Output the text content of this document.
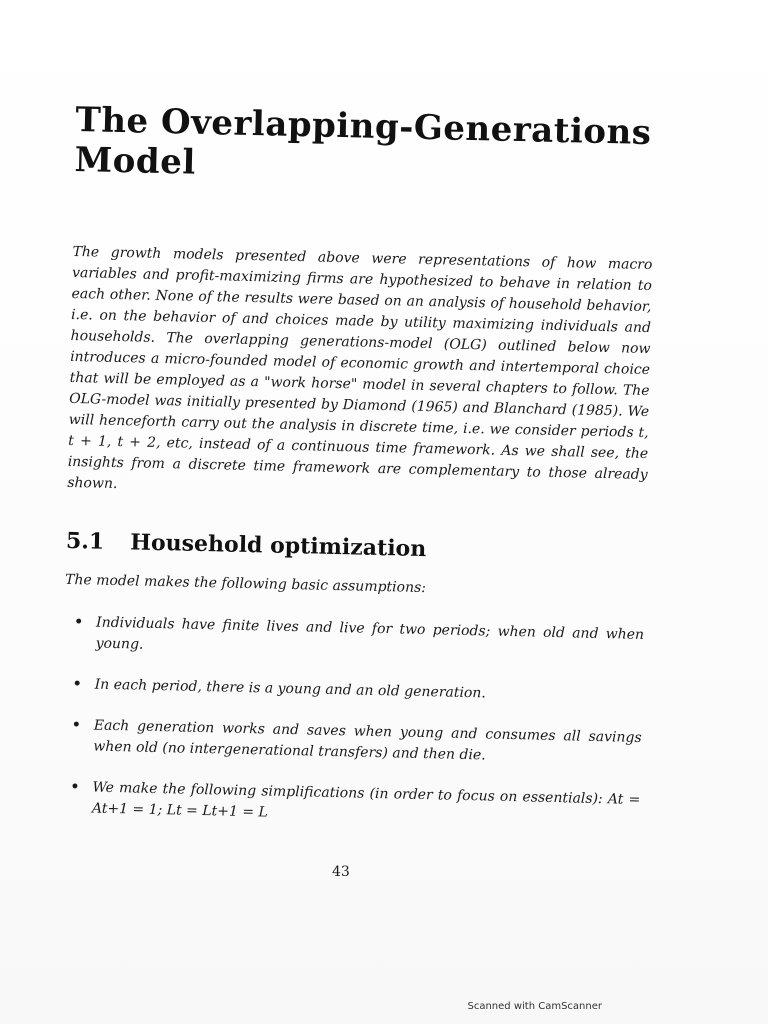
The Overlapping-Generations Model

The growth models presented above were representations of how macro variables and profit-maximizing firms are hypothesized to behave in relation to each other. None of the results were based on an analysis of household behavior, i.e. on the behavior of and choices made by utility maximizing individuals and households. The overlapping generations-model (OLG) outlined below now introduces a micro-founded model of economic growth and intertemporal choice that will be employed as a "work horse" model in several chapters to follow. The OLG-model was initially presented by Diamond (1965) and Blanchard (1985). We will henceforth carry out the analysis in discrete time, i.e. we consider periods t, t + 1, t + 2, etc, instead of a continuous time framework. As we shall see, the insights from a discrete time framework are complementary to those already shown.

5.1 Household optimization

The model makes the following basic assumptions:

• Individuals have finite lives and live for two periods; when old and when young.
• In each period, there is a young and an old generation.
• Each generation works and saves when young and consumes all savings when old (no intergenerational transfers) and then die.
• We make the following simplifications (in order to focus on essentials): At = At+1 = 1; Lt = Lt+1 = L
43
Scanned with CamScanner
